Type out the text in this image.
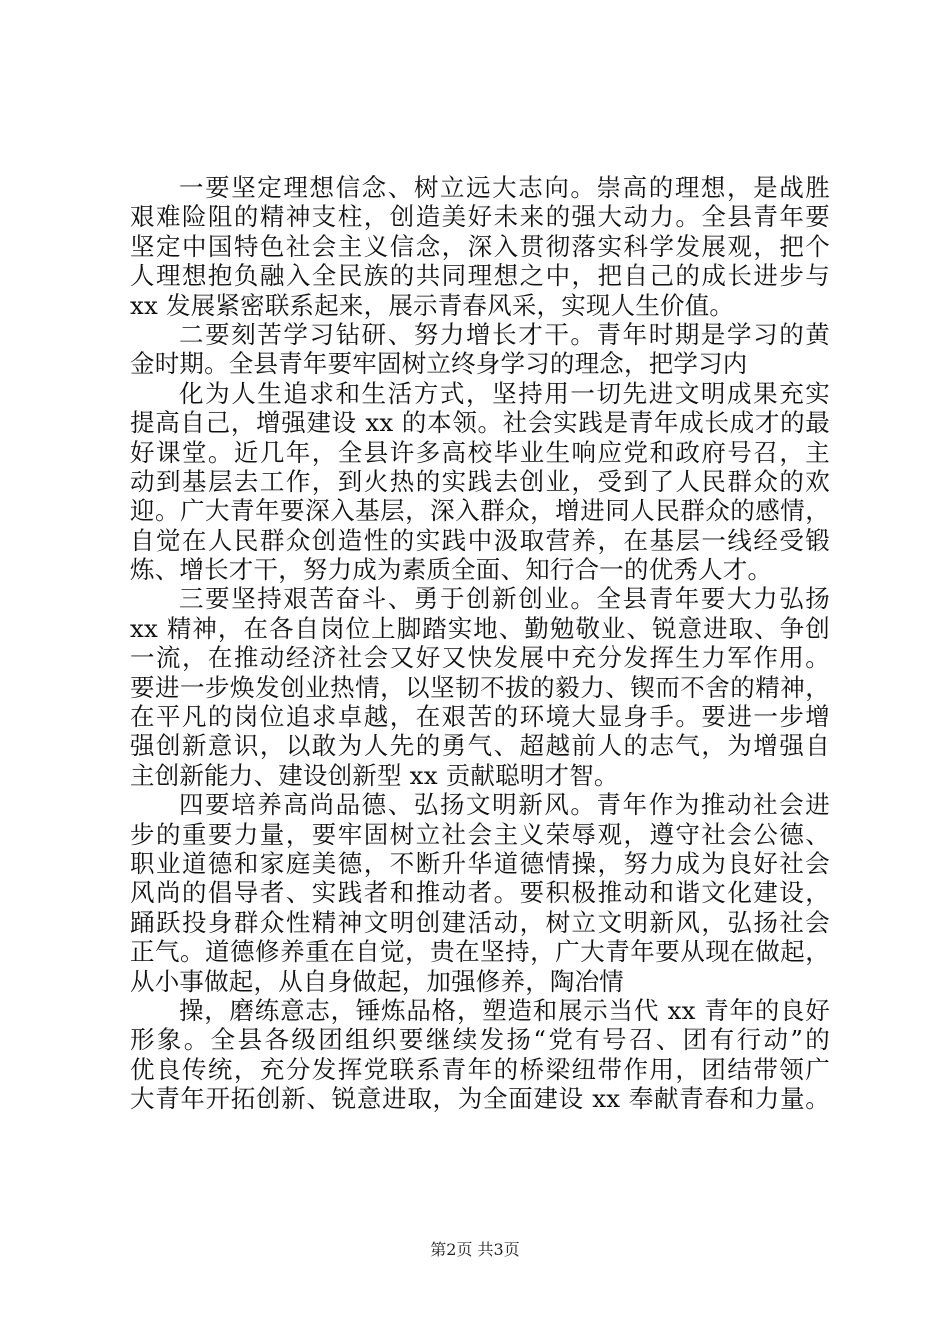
一要坚定理想信念、树立远大志向。崇高的理想，是战胜
艰难险阻的精神支柱，创造美好未来的强大动力。全县青年要
坚定中国特色社会主义信念，深入贯彻落实科学发展观，把个
人理想抱负融入全民族的共同理想之中，把自己的成长进步与
xx 发展紧密联系起来，展示青春风采，实现人生价值。
二要刻苦学习钻研、努力增长才干。青年时期是学习的黄
金时期。全县青年要牢固树立终身学习的理念，把学习内
化为人生追求和生活方式，坚持用一切先进文明成果充实
提高自己，增强建设 xx 的本领。社会实践是青年成长成才的最
好课堂。近几年，全县许多高校毕业生响应党和政府号召，主
动到基层去工作，到火热的实践去创业，受到了人民群众的欢
迎。广大青年要深入基层，深入群众，增进同人民群众的感情，
自觉在人民群众创造性的实践中汲取营养，在基层一线经受锻
炼、增长才干，努力成为素质全面、知行合一的优秀人才。
三要坚持艰苦奋斗、勇于创新创业。全县青年要大力弘扬
xx 精神，在各自岗位上脚踏实地、勤勉敬业、锐意进取、争创
一流，在推动经济社会又好又快发展中充分发挥生力军作用。
要进一步焕发创业热情，以坚韧不拔的毅力、锲而不舍的精神，
在平凡的岗位追求卓越，在艰苦的环境大显身手。要进一步增
强创新意识，以敢为人先的勇气、超越前人的志气，为增强自
主创新能力、建设创新型 xx 贡献聪明才智。
四要培养高尚品德、弘扬文明新风。青年作为推动社会进
步的重要力量，要牢固树立社会主义荣辱观，遵守社会公德、
职业道德和家庭美德，不断升华道德情操，努力成为良好社会
风尚的倡导者、实践者和推动者。要积极推动和谐文化建设，
踊跃投身群众性精神文明创建活动，树立文明新风，弘扬社会
正气。道德修养重在自觉，贵在坚持，广大青年要从现在做起，
从小事做起，从自身做起，加强修养，陶冶情
操，磨练意志，锤炼品格，塑造和展示当代 xx 青年的良好
形象。全县各级团组织要继续发扬“党有号召、团有行动”的
优良传统，充分发挥党联系青年的桥梁纽带作用，团结带领广
大青年开拓创新、锐意进取，为全面建设 xx 奉献青春和力量。
第2页 共3页
